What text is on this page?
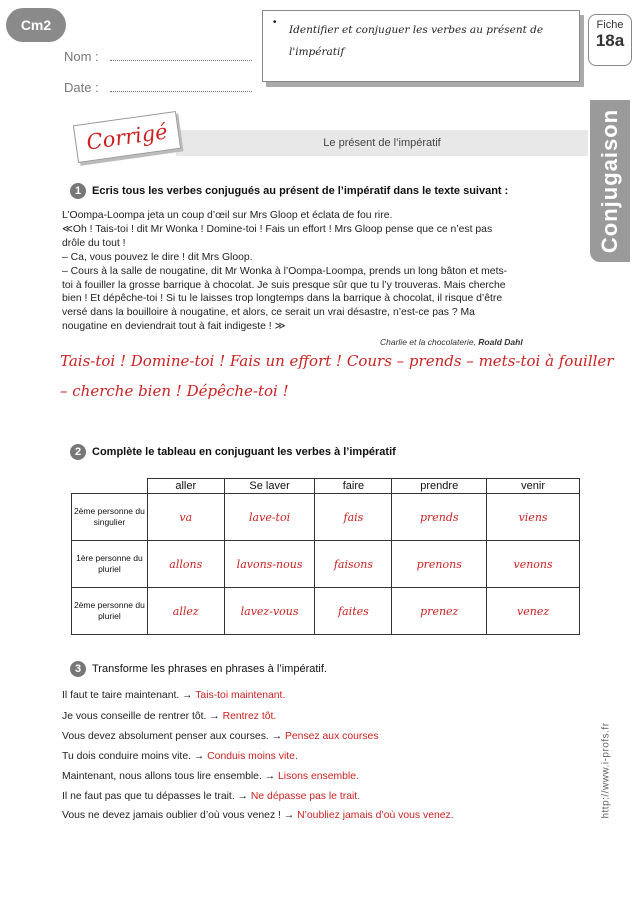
Cm2
Nom :
Date :
•
Identifier et conjuguer les verbes au présent de l'impératif
Fiche
18a
Conjugaison
Le présent de l’impératif
Corrigé
1 Ecris tous les verbes conjugués au présent de l’impératif dans le texte suivant :
L’Oompa-Loompa jeta un coup d’œil sur Mrs Gloop et éclata de fou rire.
≪Oh ! Tais-toi ! dit Mr Wonka ! Domine-toi ! Fais un effort ! Mrs Gloop pense que ce n’est pas
drôle du tout !
– Ca, vous pouvez le dire ! dit Mrs Gloop.
– Cours à la salle de nougatine, dit Mr Wonka à l’Oompa-Loompa, prends un long bâton et mets-
toi à fouiller la grosse barrique à chocolat. Je suis presque sûr que tu l’y trouveras. Mais cherche
bien ! Et dépêche-toi ! Si tu le laisses trop longtemps dans la barrique à chocolat, il risque d’être
versé dans la bouilloire à nougatine, et alors, ce serait un vrai désastre, n’est-ce pas ? Ma
nougatine en deviendrait tout à fait indigeste ! ≫
Charlie et la chocolaterie, Roald Dahl
Tais-toi ! Domine-toi ! Fais un effort ! Cours – prends – mets-toi à fouiller
– cherche bien ! Dépêche-toi !
2 Complète le tableau en conjuguant les verbes à l’impératif
	aller	Se laver	faire	prendre	venir
2ème personne du singulier	va	lave-toi	fais	prends	viens
1ère personne du pluriel	allons	lavons-nous	faisons	prenons	venons
2ème personne du pluriel	allez	lavez-vous	faites	prenez	venez
3 Transforme les phrases en phrases à l’impératif.
Il faut te taire maintenant. → Tais-toi maintenant.
Je vous conseille de rentrer tôt. → Rentrez tôt.
Vous devez absolument penser aux courses. → Pensez aux courses
Tu dois conduire moins vite. → Conduis moins vite.
Maintenant, nous allons tous lire ensemble. → Lisons ensemble.
Il ne faut pas que tu dépasses le trait. → Ne dépasse pas le trait.
Vous ne devez jamais oublier d’où vous venez ! → N’oubliez jamais d’où vous venez.	http://www.i-profs.fr
